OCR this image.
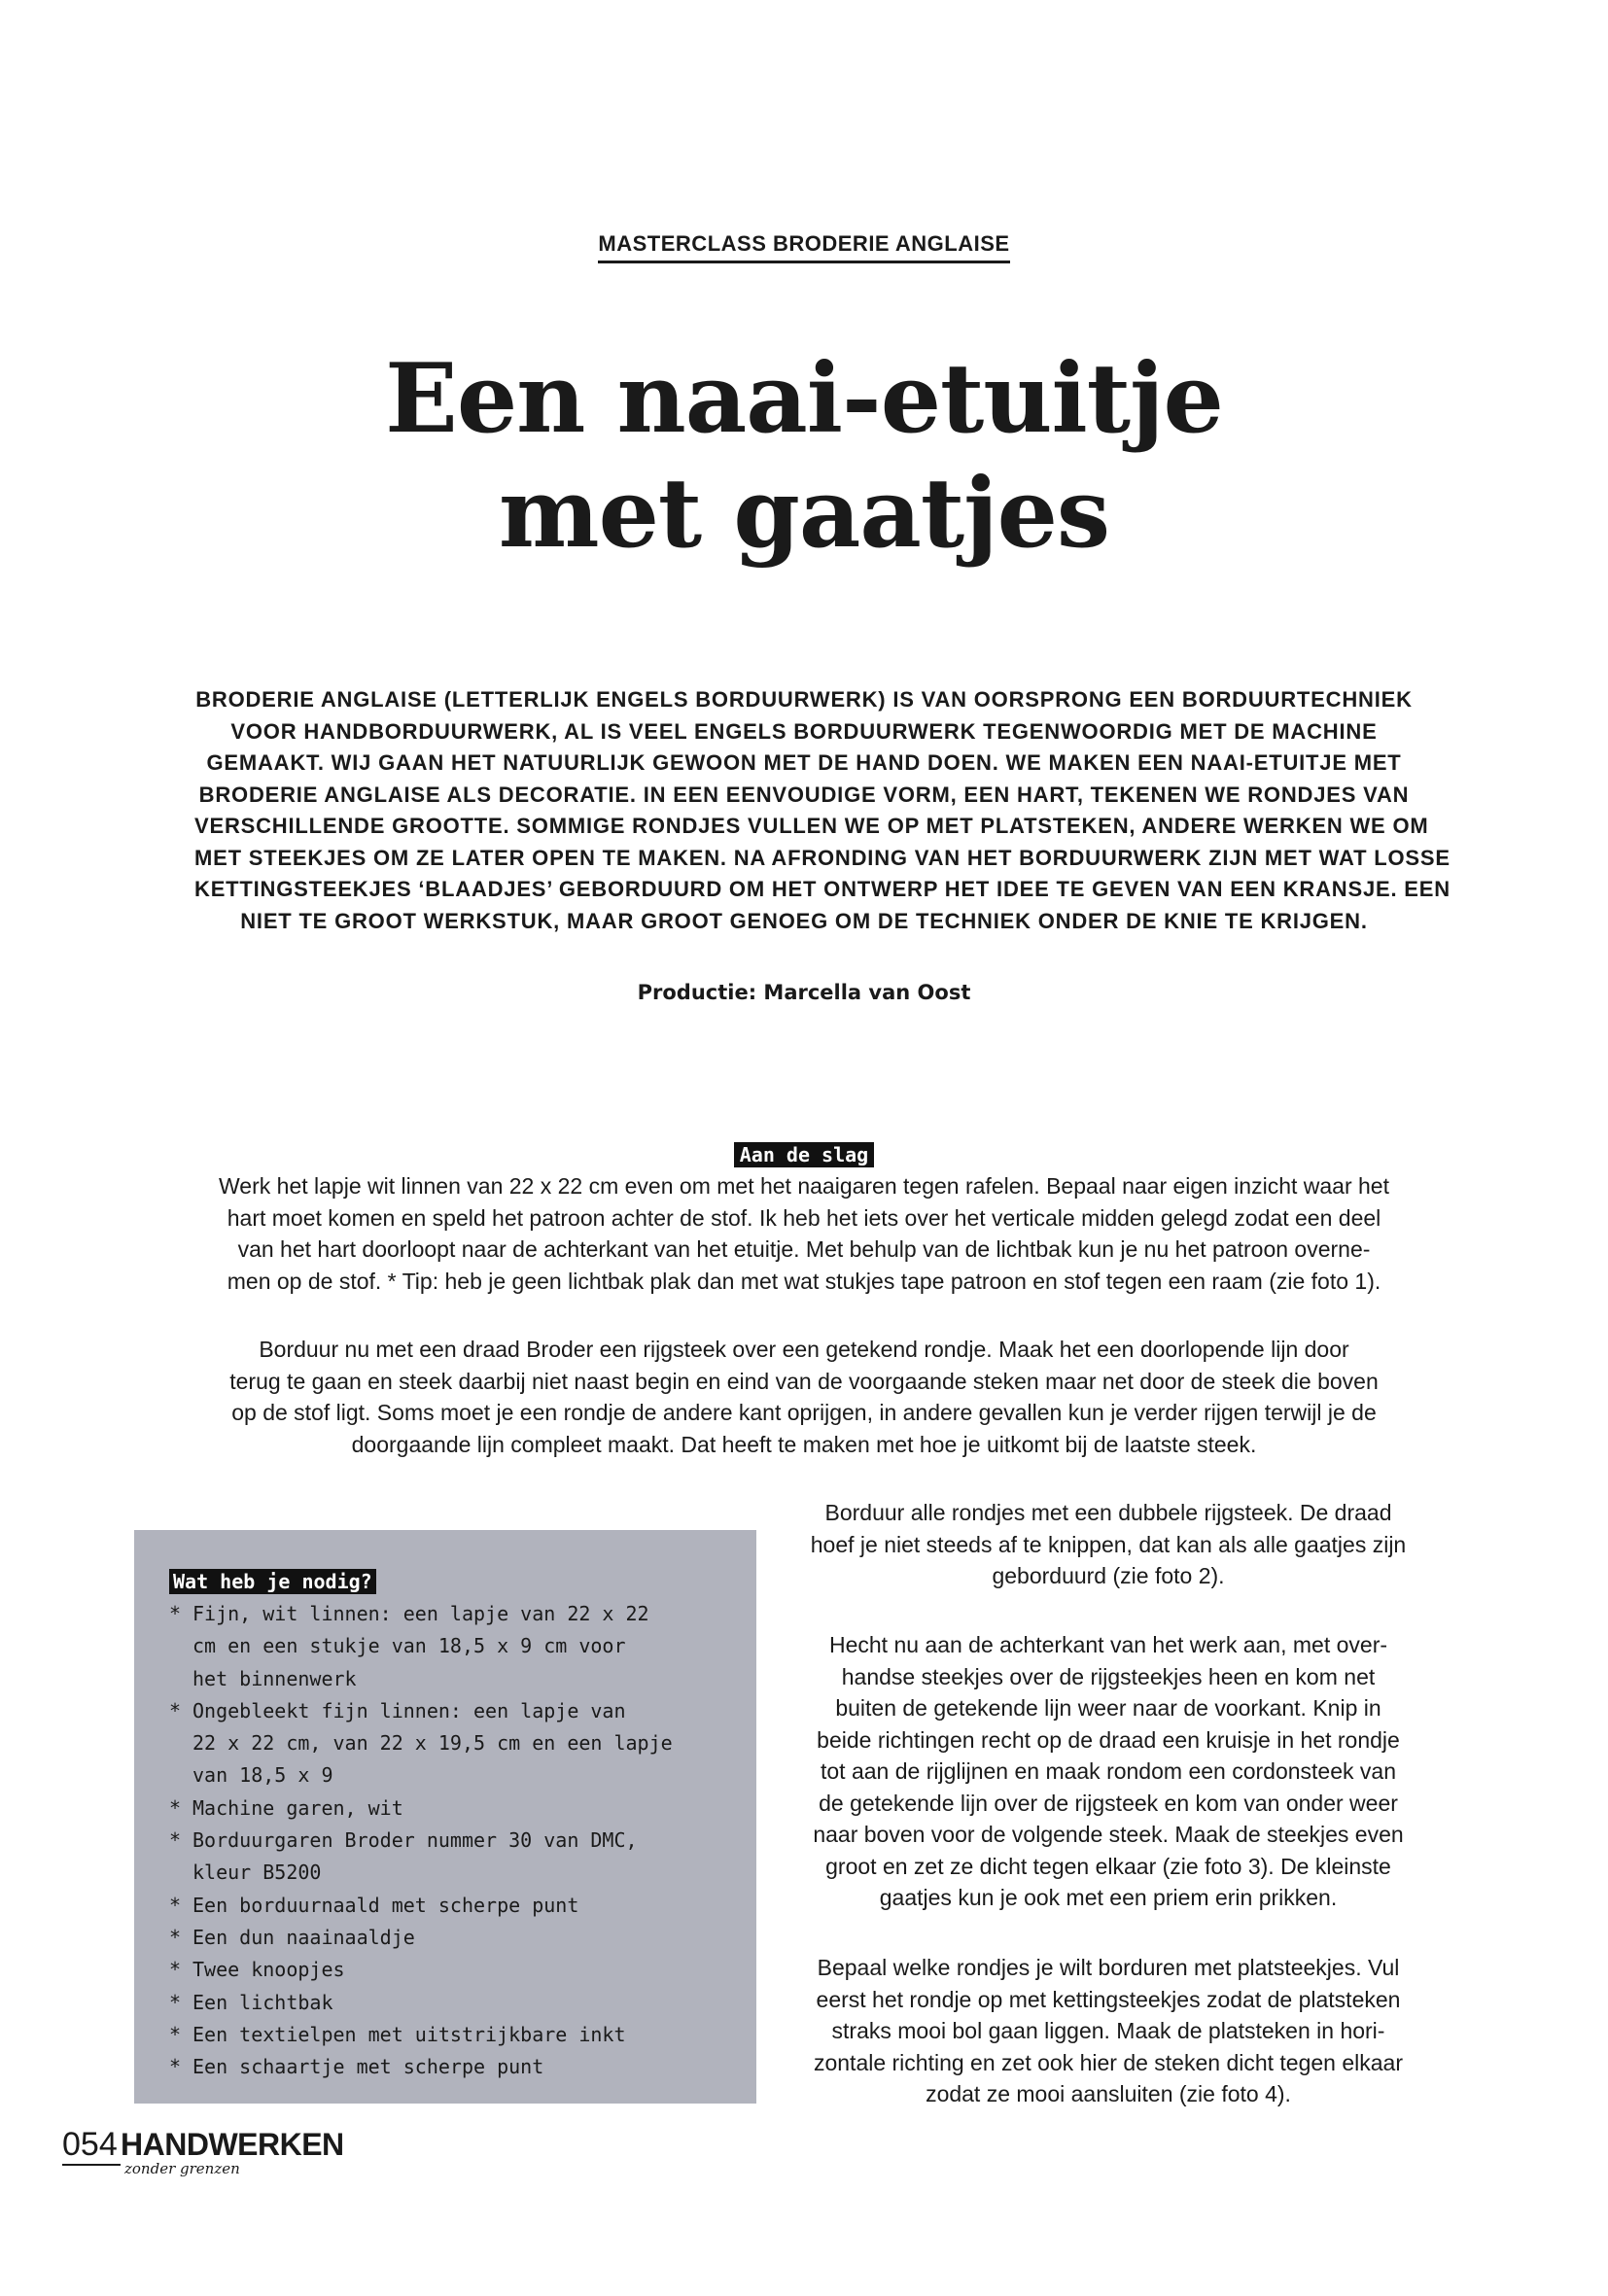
MASTERCLASS BRODERIE ANGLAISE
Een naai-etuitje
met gaatjes
BRODERIE ANGLAISE (LETTERLIJK ENGELS BORDUURWERK) IS VAN OORSPRONG EEN BORDUURTECHNIEK
VOOR HANDBORDUURWERK, AL IS VEEL ENGELS BORDUURWERK TEGENWOORDIG MET DE MACHINE
GEMAAKT. WIJ GAAN HET NATUURLIJK GEWOON MET DE HAND DOEN. WE MAKEN EEN NAAI-ETUITJE MET
BRODERIE ANGLAISE ALS DECORATIE. IN EEN EENVOUDIGE VORM, EEN HART, TEKENEN WE RONDJES VAN
VERSCHILLENDE GROOTTE. SOMMIGE RONDJES VULLEN WE OP MET PLATSTEKEN, ANDERE WERKEN WE OM
MET STEEKJES OM ZE LATER OPEN TE MAKEN. NA AFRONDING VAN HET BORDUURWERK ZIJN MET WAT LOSSE
KETTINGSTEEKJES ‘BLAADJES’ GEBORDUURD OM HET ONTWERP HET IDEE TE GEVEN VAN EEN KRANSJE. EEN
NIET TE GROOT WERKSTUK, MAAR GROOT GENOEG OM DE TECHNIEK ONDER DE KNIE TE KRIJGEN.
Productie: Marcella van Oost
Aan de slag
Werk het lapje wit linnen van 22 x 22 cm even om met het naaigaren tegen rafelen. Bepaal naar eigen inzicht waar het
hart moet komen en speld het patroon achter de stof. Ik heb het iets over het verticale midden gelegd zodat een deel
van het hart doorloopt naar de achterkant van het etuitje. Met behulp van de lichtbak kun je nu het patroon overne-
men op de stof. * Tip: heb je geen lichtbak plak dan met wat stukjes tape patroon en stof tegen een raam (zie foto 1).
Borduur nu met een draad Broder een rijgsteek over een getekend rondje. Maak het een doorlopende lijn door
terug te gaan en steek daarbij niet naast begin en eind van de voorgaande steken maar net door de steek die boven
op de stof ligt. Soms moet je een rondje de andere kant oprijgen, in andere gevallen kun je verder rijgen terwijl je de
doorgaande lijn compleet maakt. Dat heeft te maken met hoe je uitkomt bij de laatste steek.
Borduur alle rondjes met een dubbele rijgsteek. De draad
hoef je niet steeds af te knippen, dat kan als alle gaatjes zijn
geborduurd (zie foto 2).
Hecht nu aan de achterkant van het werk aan, met over-
handse steekjes over de rijgsteekjes heen en kom net
buiten de getekende lijn weer naar de voorkant. Knip in
beide richtingen recht op de draad een kruisje in het rondje
tot aan de rijglijnen en maak rondom een cordonsteek van
de getekende lijn over de rijgsteek en kom van onder weer
naar boven voor de volgende steek. Maak de steekjes even
groot en zet ze dicht tegen elkaar (zie foto 3). De kleinste
gaatjes kun je ook met een priem erin prikken.
Bepaal welke rondjes je wilt borduren met platsteekjes. Vul
eerst het rondje op met kettingsteekjes zodat de platsteken
straks mooi bol gaan liggen. Maak de platsteken in hori-
zontale richting en zet ook hier de steken dicht tegen elkaar
zodat ze mooi aansluiten (zie foto 4).
Wat heb je nodig?
* Fijn, wit linnen: een lapje van 22 x 22
cm en een stukje van 18,5 x 9 cm voor
het binnenwerk
* Ongebleekt fijn linnen: een lapje van
22 x 22 cm, van 22 x 19,5 cm en een lapje
van 18,5 x 9
* Machine garen, wit
* Borduurgaren Broder nummer 30 van DMC,
kleur B5200
* Een borduurnaald met scherpe punt
* Een dun naainaaldje
* Twee knoopjes
* Een lichtbak
* Een textielpen met uitstrijkbare inkt
* Een schaartje met scherpe punt
054 HANDWERKEN
zonder grenzen
